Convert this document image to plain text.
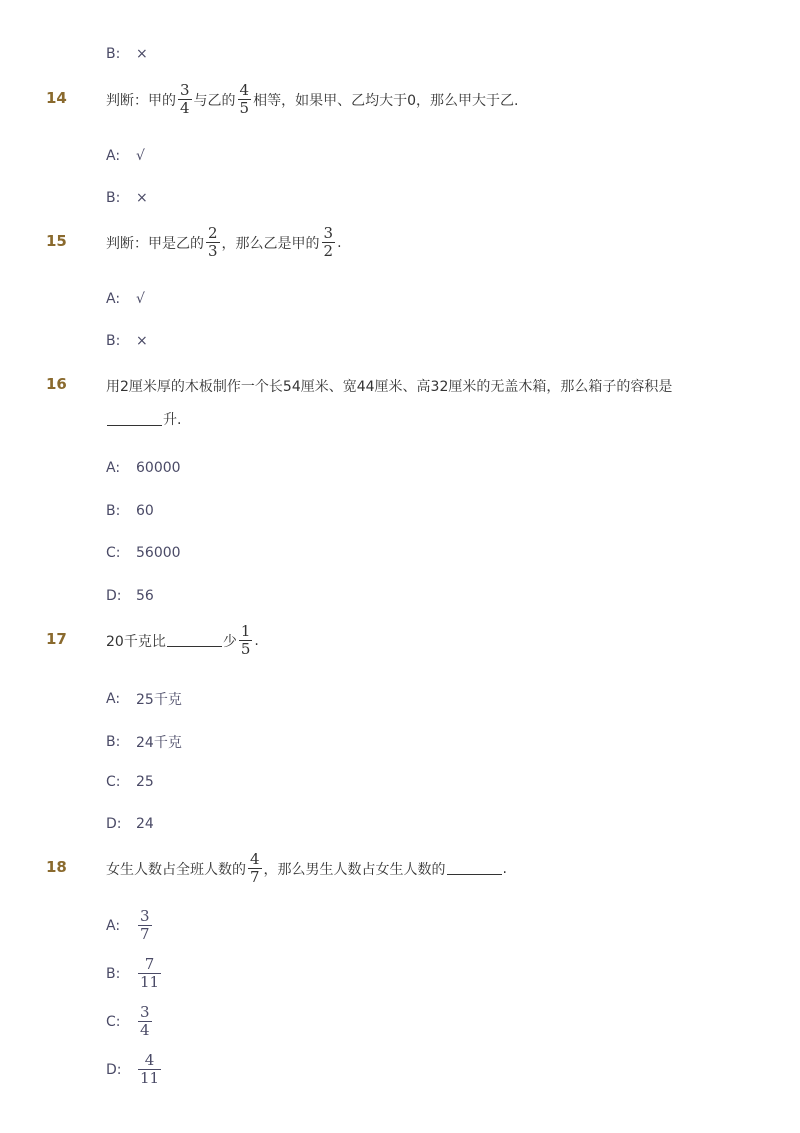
B:	×
14	判断：甲的 $\frac{3}{4}$ 与乙的 $\frac{4}{5}$ 相等，如果甲、乙均大于0，那么甲大于乙.
A:	√
B:	×
15	判断：甲是乙的 $\frac{2}{3}$ ，那么乙是甲的 $\frac{3}{2}$ .
A:	√
B:	×
16	用2厘米厚的木板制作一个长54厘米、宽44厘米、高32厘米的无盖木箱，那么箱子的容积是
升.
A:	60000
B:	60
C:	56000
D:	56
17	20千克比	少 $\frac{1}{5}$ .
A:	25千克
B:	24千克
C:	25
D:	24
18	女生人数占全班人数的 $\frac{4}{7}$ ，那么男生人数占女生人数的	.
A:	$\frac{3}{7}$
B:	$\frac{7}{11}$
C:	$\frac{3}{4}$
D:	$\frac{4}{11}$
